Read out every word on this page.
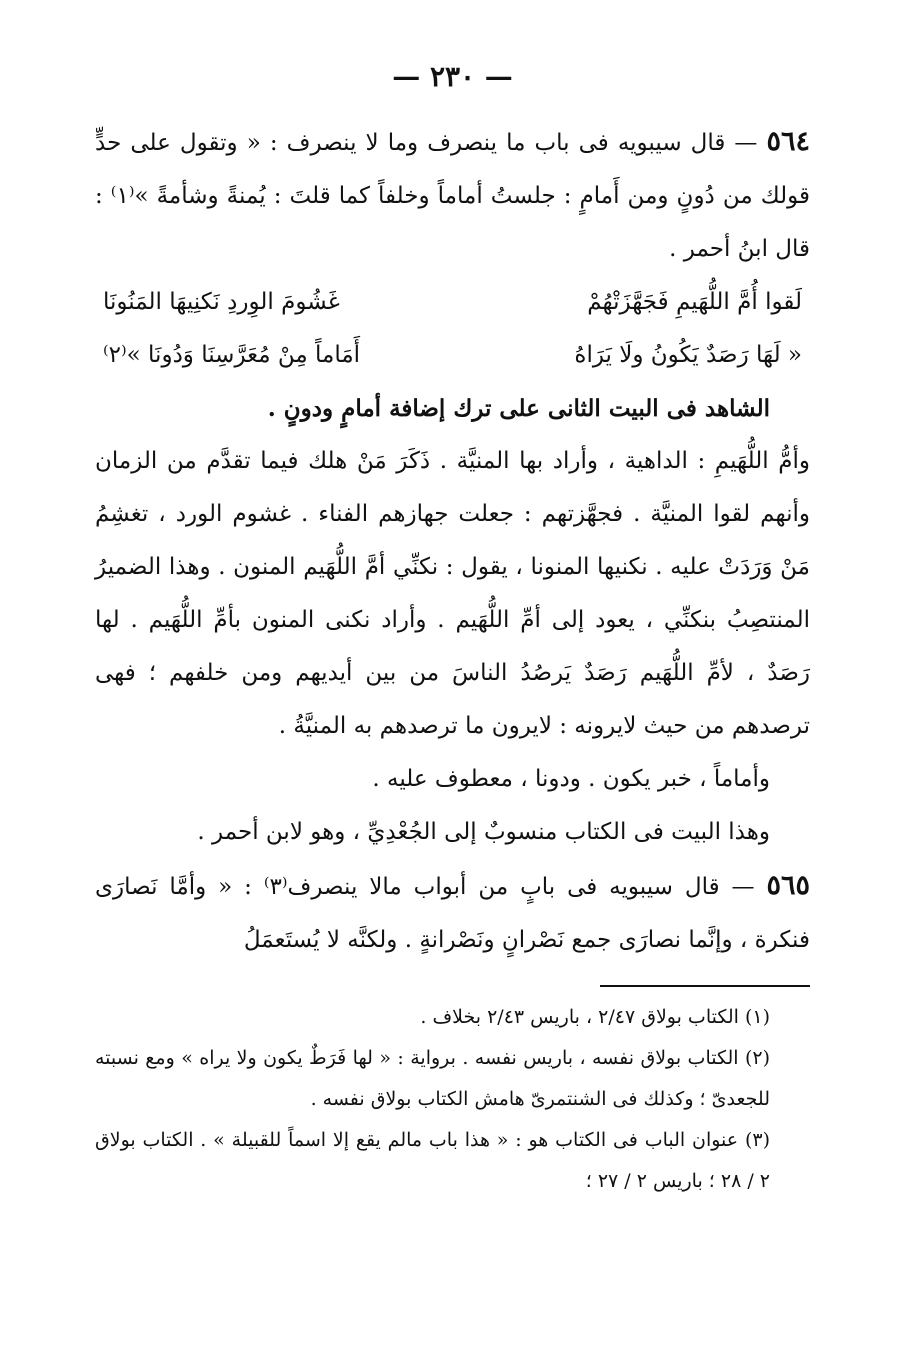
— ٢٣٠ —

٥٦٤ — قال سيبويه فى باب ما ينصرف وما لا ينصرف : « وتقول على حدٍّ قولك من دُونٍ ومن أَمامٍ : جلستُ أماماً وخلفاً كما قلتَ : يُمنةً وشأمةً »⁽١⁾ : قال ابنُ أحمر .

لَقوا أُمَّ اللُّهَيمِ فَجَهَّزَتْهُمْ
غَشُومَ الوِردِ نَكنِيهَا المَنُونَا
« لَهَا رَصَدٌ يَكُونُ ولَا يَرَاهُ
أَمَاماً مِنْ مُعَرَّسِنَا وَدُونَا »⁽٢⁾

الشاهد فى البيت الثانى على ترك إضافة أمامٍ ودونٍ .

وأمُّ اللُّهَيمِ : الداهية ، وأراد بها المنيَّة . ذَكَرَ مَنْ هلك فيما تقدَّم من الزمان وأنهم لقوا المنيَّة . فجهَّزتهم : جعلت جهازهم الفناء . غشوم الورد ، تغشِمُ مَنْ وَرَدَتْ عليه . نكنيها المنونا ، يقول : نكنِّي أمَّ اللُّهَيم المنون . وهذا الضميرُ المنتصِبُ بنكنِّي ، يعود إلى أمِّ اللُّهَيم . وأراد نكنى المنون بأمِّ اللُّهَيم . لها رَصَدٌ ، لأمِّ اللُّهَيم رَصَدٌ يَرصُدُ الناسَ من بين أيديهم ومن خلفهم ؛ فهى ترصدهم من حيث لايرونه : لايرون ما ترصدهم به المنيَّةُ .

وأماماً ، خبر يكون . ودونا ، معطوف عليه .

وهذا البيت فى الكتاب منسوبٌ إلى الجُعْدِيِّ ، وهو لابن أحمر .

٥٦٥ — قال سيبويه فى بابٍ من أبواب مالا ينصرف⁽٣⁾ : « وأمَّا نَصارَى فنكرة ، وإنَّما نصارَى جمع نَصْرانٍ ونَصْرانةٍ . ولكنَّه لا يُستَعمَلُ

(١) الكتاب بولاق ٢/٤٧ ، باريس ٢/٤٣ بخلاف .

(٢) الكتاب بولاق نفسه ، باريس نفسه . برواية : « لها فَرَطٌ يكون ولا يراه » ومع نسبته للجعدىّ ؛ وكذلك فى الشنتمرىّ هامش الكتاب بولاق نفسه .

(٣) عنوان الباب فى الكتاب هو : « هذا باب مالم يقع إلا اسماً للقبيلة » . الكتاب بولاق ٢ / ٢٨ ؛ باريس ٢ / ٢٧ ؛
